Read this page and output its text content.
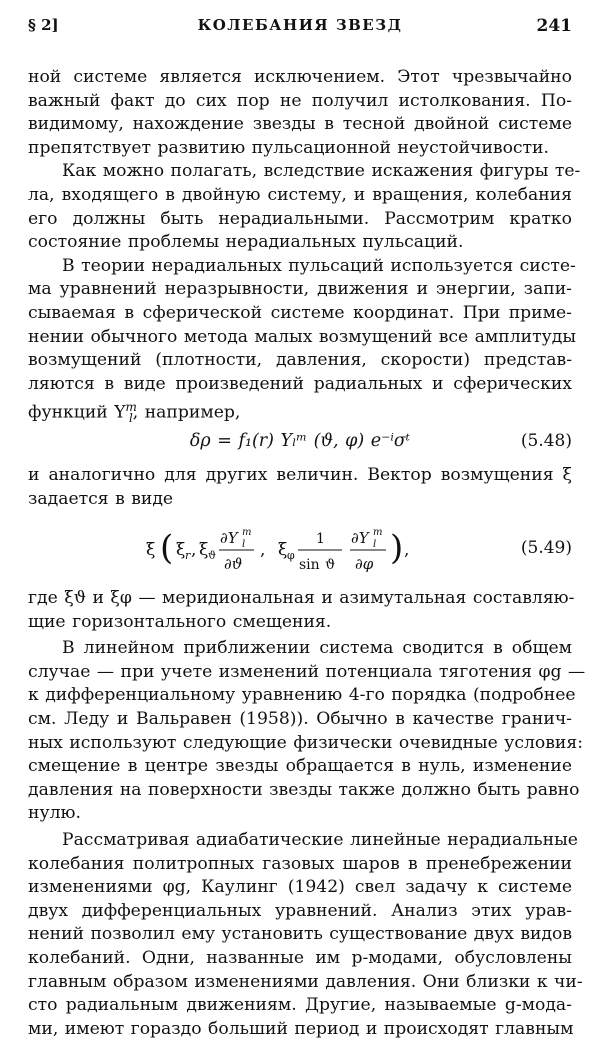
§ 2]	КОЛЕБАНИЯ ЗВЕЗД	241
ной системе является исключением. Этот чрезвычайно
важный факт до сих пор не получил истолкования. По-
видимому, нахождение звезды в тесной двойной системе
препятствует развитию пульсационной неустойчивости.
Как можно полагать, вследствие искажения фигуры те-
ла, входящего в двойную систему, и вращения, колебания
его должны быть нерадиальными. Рассмотрим кратко
состояние проблемы нерадиальных пульсаций.
В теории нерадиальных пульсаций используется систе-
ма уравнений неразрывности, движения и энергии, запи-
сываемая в сферической системе координат. При приме-
нении обычного метода малых возмущений все амплитуды
возмущений (плотности, давления, скорости) представ-
ляются в виде произведений радиальных и сферических
функций $Y^m_l$, например,
δρ = f₁(r) Yₗᵐ (ϑ, φ) e⁻ⁱσᵗ	(5.48)
и аналогично для других величин. Вектор возмущения ξ
задается в виде
ξ ( ξ r , ξ ϑ
∂Y m
l
∂ϑ
, ξ φ
1
sin ϑ
∂Y m
l
∂φ ) ,	(5.49)
где ξϑ и ξφ — меридиональная и азимутальная составляю-
щие горизонтального смещения.
В линейном приближении система сводится в общем
случае — при учете изменений потенциала тяготения φg —
к дифференциальному уравнению 4-го порядка (подробнее
см. Леду и Вальравен (1958)). Обычно в качестве гранич-
ных используют следующие физически очевидные условия:
смещение в центре звезды обращается в нуль, изменение
давления на поверхности звезды также должно быть равно
нулю.
Рассматривая адиабатические линейные нерадиальные
колебания политропных газовых шаров в пренебрежении
изменениями φg, Каулинг (1942) свел задачу к системе
двух дифференциальных уравнений. Анализ этих урав-
нений позволил ему установить существование двух видов
колебаний. Одни, названные им p-модами, обусловлены
главным образом изменениями давления. Они близки к чи-
сто радиальным движениям. Другие, называемые g-мода-
ми, имеют гораздо больший период и происходят главным
